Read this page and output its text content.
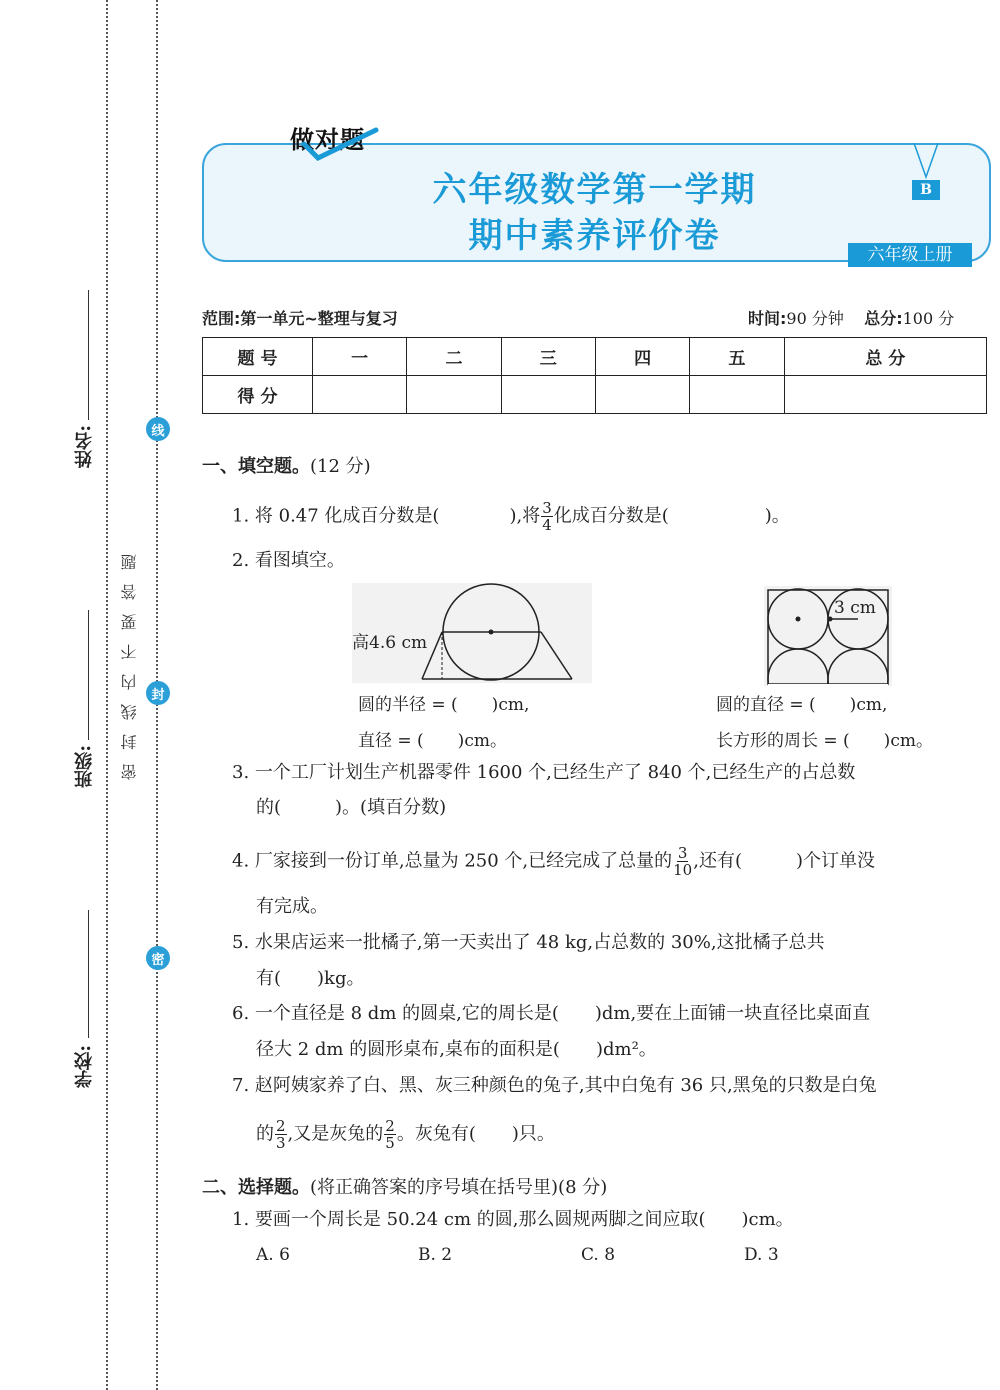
姓名:
班级:
学校:
密封线内不要答题
线
封
密
做对题
六年级数学第一学期
期中素养评价卷
B
六年级上册
范围:第一单元~整理与复习	时间:90 分钟 总分:100 分
题 号	一	二	三	四	五	总 分
得 分						
一、填空题。(12 分)
1. 将 0.47 化成百分数是(	),将 $\frac{3}{4}$ 化成百分数是(	)。
2. 看图填空。
高4.6 cm
3 cm
圆的半径 = (　　)cm,
直径 = (　　)cm。
圆的直径 = (　　)cm,
长方形的周长 = (　　)cm。
3. 一个工厂计划生产机器零件 1600 个,已经生产了 840 个,已经生产的占总数
的(　　　)。(填百分数)
4. 厂家接到一份订单,总量为 250 个,已经完成了总量的 $\frac{3}{10}$ ,还有(　　　)个订单没
有完成。
5. 水果店运来一批橘子,第一天卖出了 48 kg,占总数的 30%,这批橘子总共
有(　　)kg。
6. 一个直径是 8 dm 的圆桌,它的周长是(　　)dm,要在上面铺一块直径比桌面直
径大 2 dm 的圆形桌布,桌布的面积是(　　)dm²。
7. 赵阿姨家养了白、黑、灰三种颜色的兔子,其中白兔有 36 只,黑兔的只数是白兔
的 $\frac{2}{3}$ ,又是灰兔的 $\frac{2}{5}$ 。灰兔有(　　)只。
二、选择题。(将正确答案的序号填在括号里)(8 分)
1. 要画一个周长是 50.24 cm 的圆,那么圆规两脚之间应取(　　)cm。
A. 6	B. 2	C. 8	D. 3
